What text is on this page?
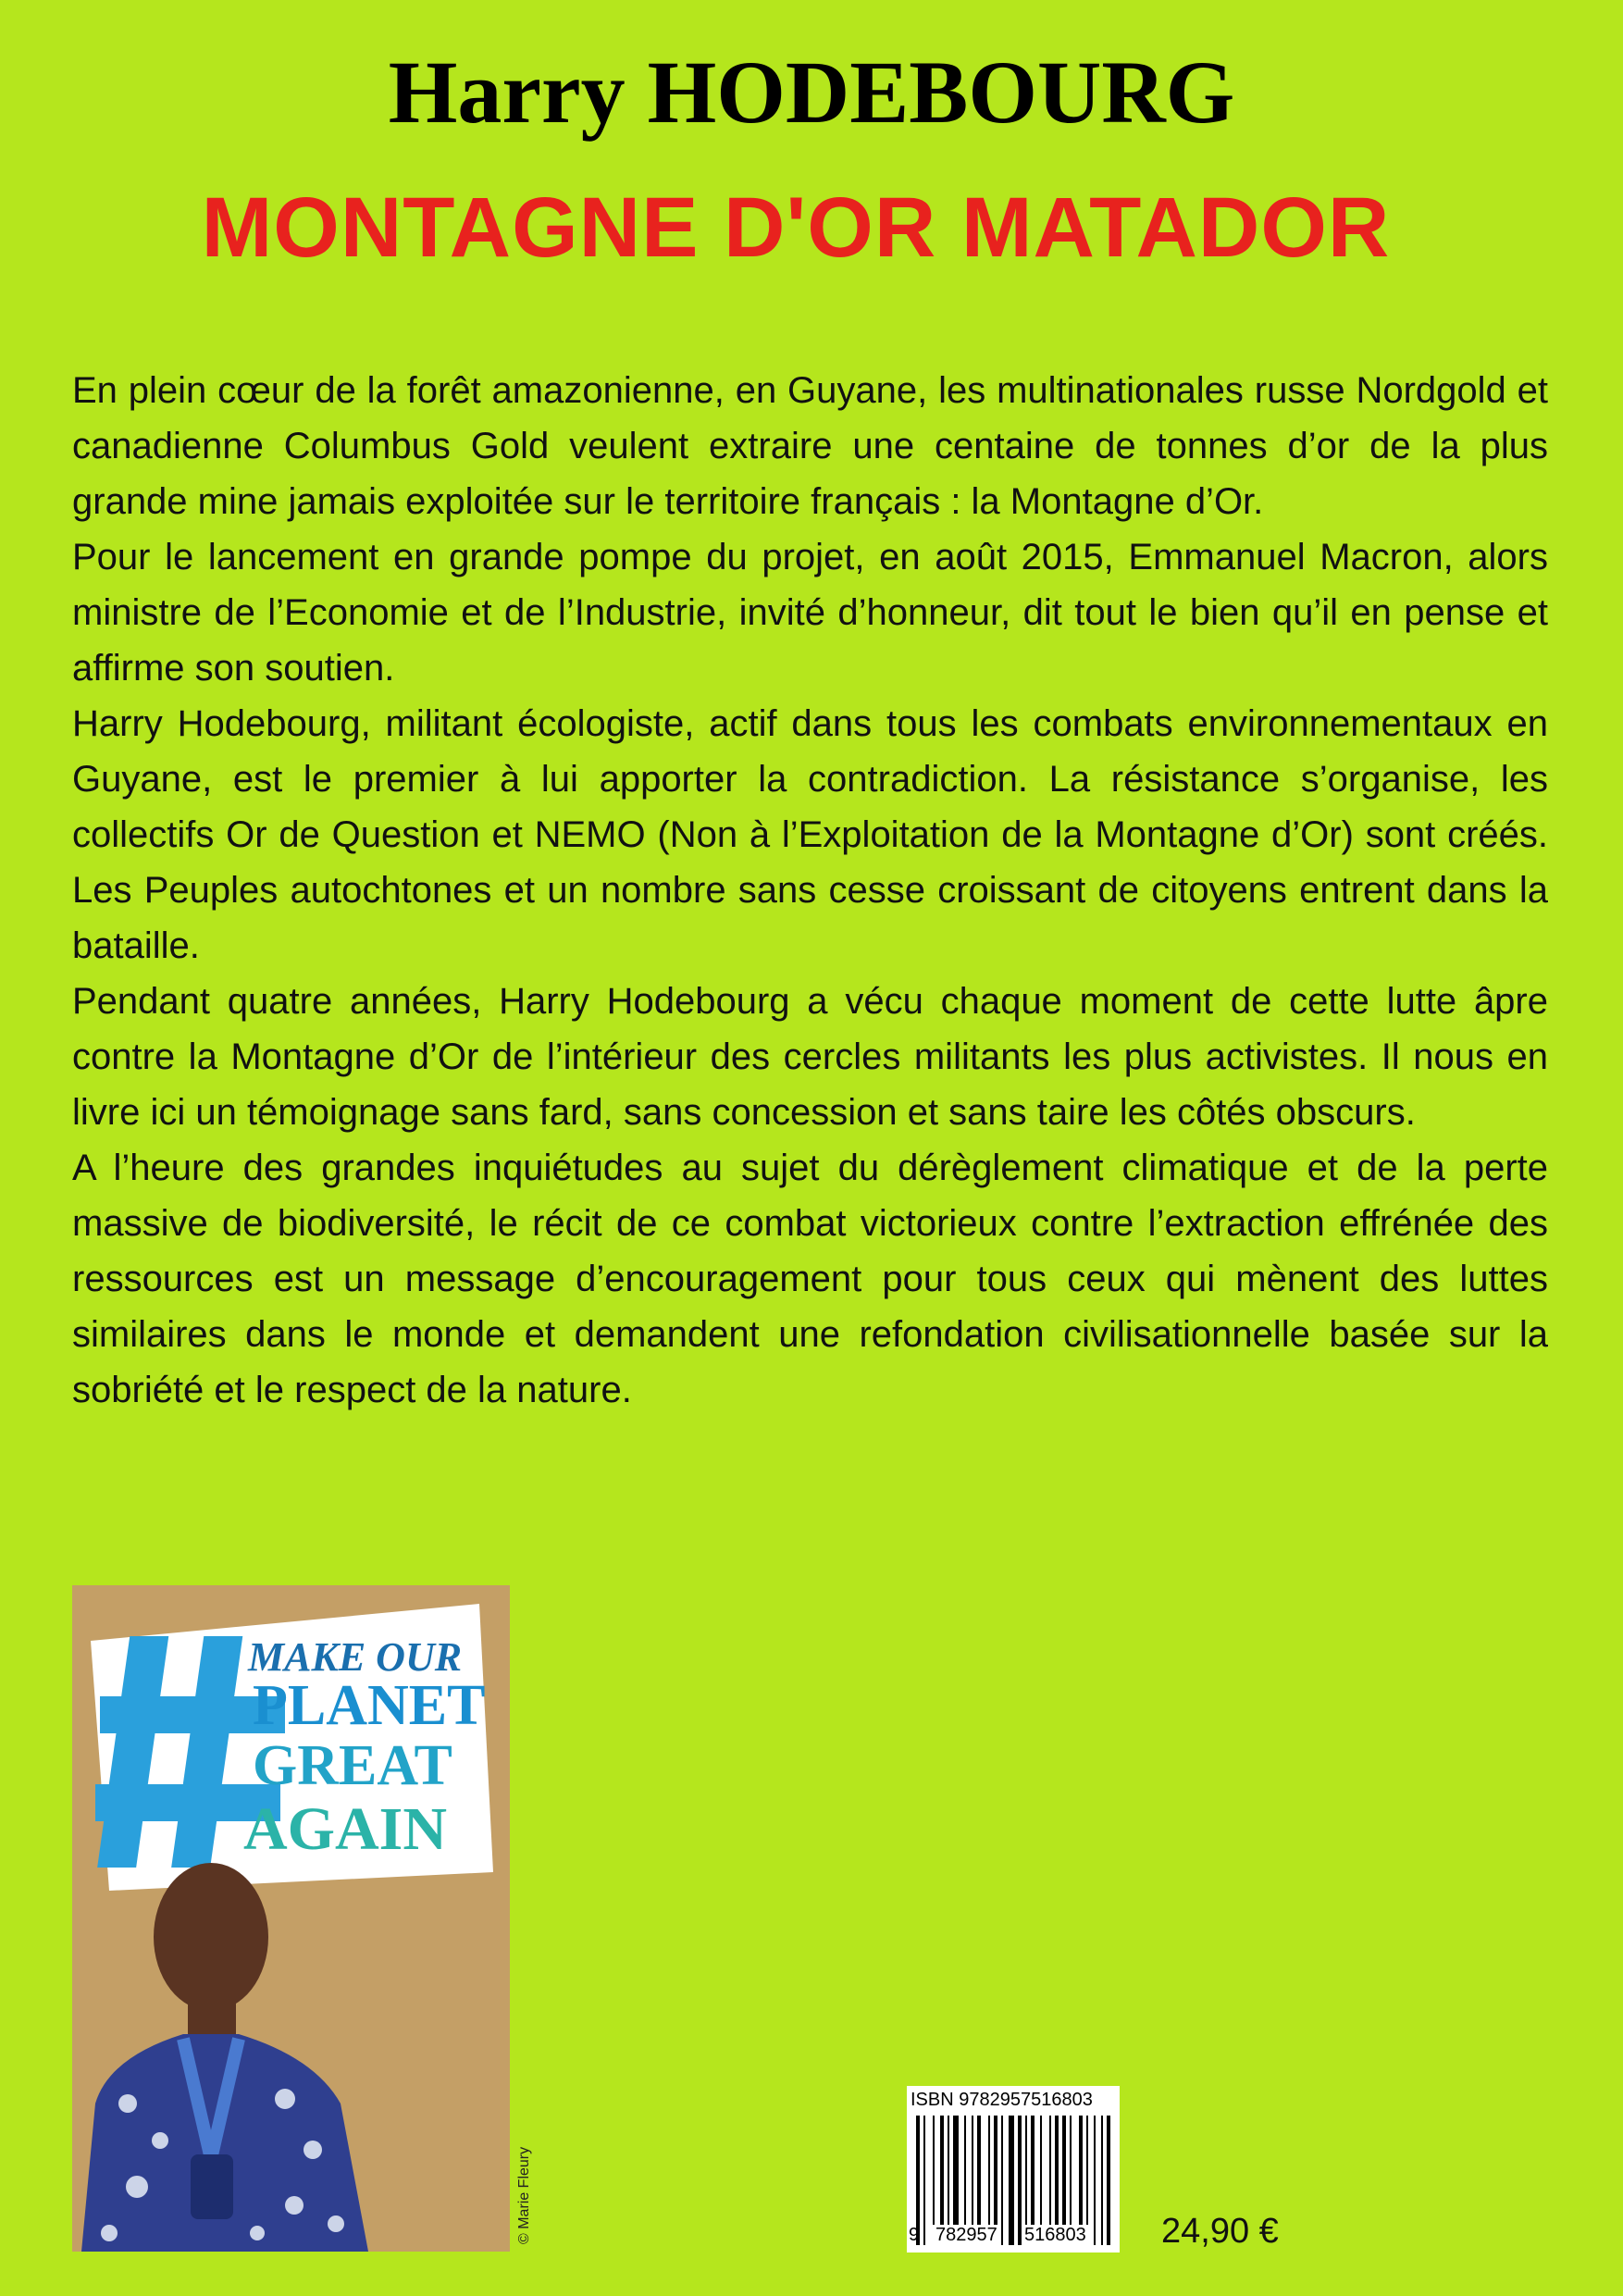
Harry HODEBOURG
MONTAGNE D'OR MATADOR

En plein cœur de la forêt amazonienne, en Guyane, les multinationales russe Nordgold et canadienne Columbus Gold veulent extraire une centaine de tonnes d’or de la plus grande mine jamais exploitée sur le territoire français : la Montagne d’Or.

Pour le lancement en grande pompe du projet, en août 2015, Emmanuel Macron, alors ministre de l’Economie et de l’Industrie, invité d’honneur, dit tout le bien qu’il en pense et affirme son soutien.

Harry Hodebourg, militant écologiste, actif dans tous les combats environnementaux en Guyane, est le premier à lui apporter la contradiction. La résistance s’organise, les collectifs Or de Question et NEMO (Non à l’Exploitation de la Montagne d’Or) sont créés. Les Peuples autochtones et un nombre sans cesse croissant de citoyens entrent dans la bataille.

Pendant quatre années, Harry Hodebourg a vécu chaque moment de cette lutte âpre contre la Montagne d’Or de l’intérieur des cercles militants les plus activistes. Il nous en livre ici un témoignage sans fard, sans concession et sans taire les côtés obscurs.

A l’heure des grandes inquiétudes au sujet du dérèglement climatique et de la perte massive de biodiversité, le récit de ce combat victorieux contre l’extraction effrénée des ressources est un message d’encouragement pour tous ceux qui mènent des luttes similaires dans le monde et demandent une refondation civilisationnelle basée sur la sobriété et le respect de la nature.

MAKE OUR
PLANET
GREAT
AGAIN
© Marie Fleury
ISBN 9782957516803
9 782957 516803 24,90 €
